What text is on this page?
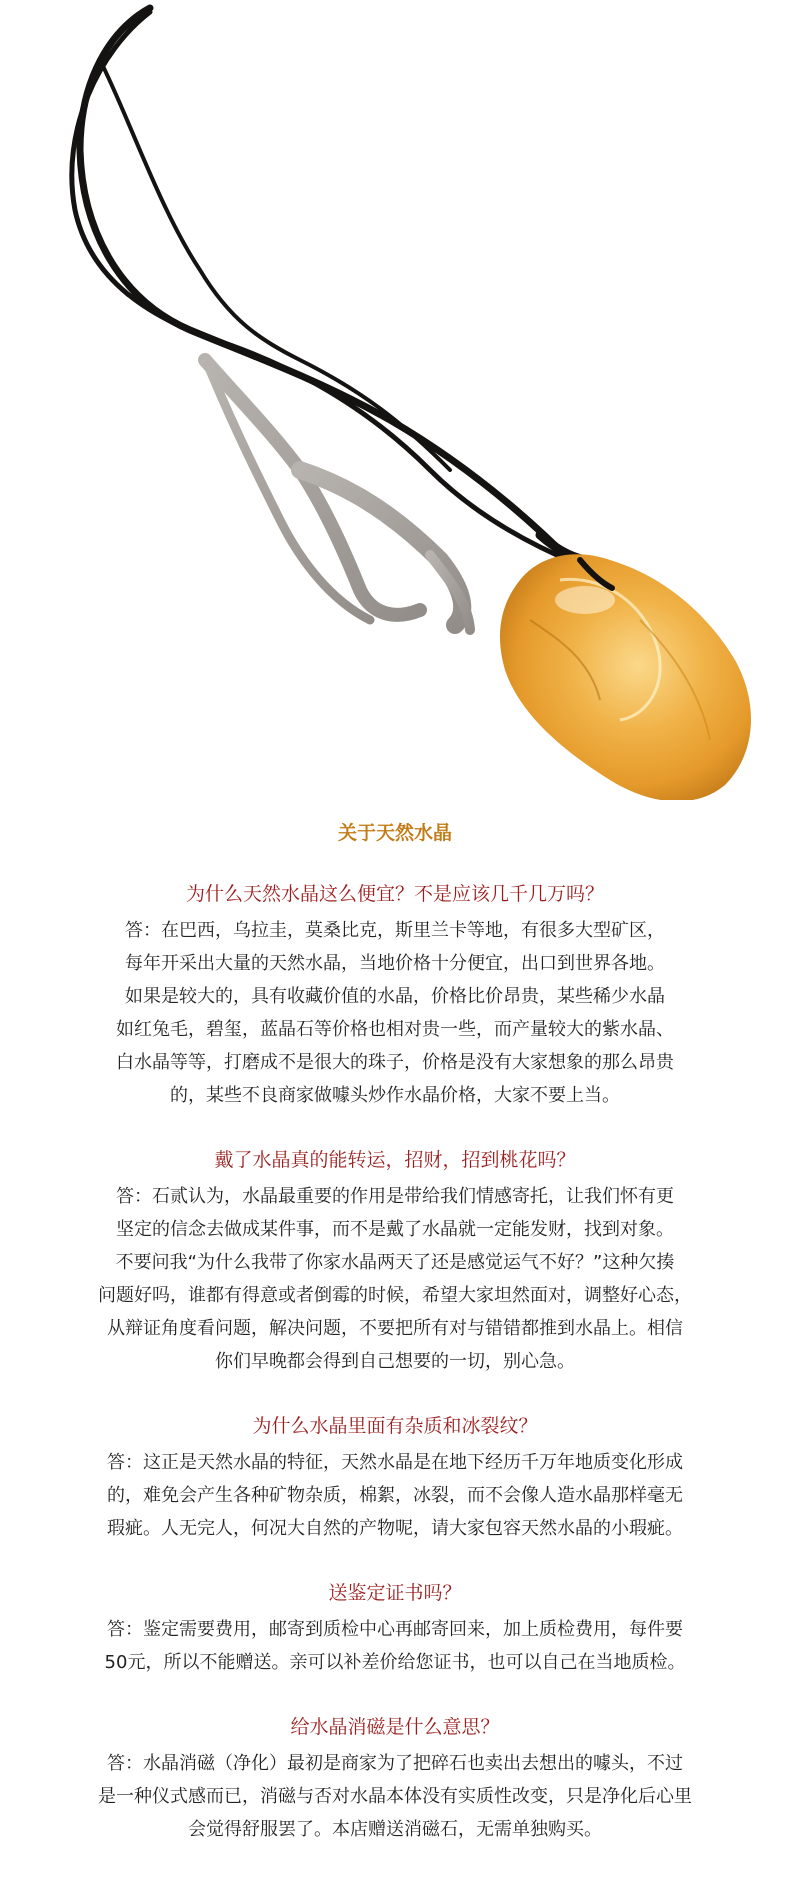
关于天然水晶

为什么天然水晶这么便宜？不是应该几千几万吗？

答：在巴西，乌拉圭，莫桑比克，斯里兰卡等地，有很多大型矿区，

每年开采出大量的天然水晶，当地价格十分便宜，出口到世界各地。

如果是较大的，具有收藏价值的水晶，价格比价昂贵，某些稀少水晶

如红兔毛，碧玺，蓝晶石等价格也相对贵一些，而产量较大的紫水晶、

白水晶等等，打磨成不是很大的珠子，价格是没有大家想象的那么昂贵

的，某些不良商家做噱头炒作水晶价格，大家不要上当。

戴了水晶真的能转运，招财，招到桃花吗？

答：石贰认为，水晶最重要的作用是带给我们情感寄托，让我们怀有更

坚定的信念去做成某件事，而不是戴了水晶就一定能发财，找到对象。

不要问我“为什么我带了你家水晶两天了还是感觉运气不好？”这种欠揍

问题好吗，谁都有得意或者倒霉的时候，希望大家坦然面对，调整好心态，

从辩证角度看问题，解决问题，不要把所有对与错错都推到水晶上。相信

你们早晚都会得到自己想要的一切，别心急。

为什么水晶里面有杂质和冰裂纹？

答：这正是天然水晶的特征，天然水晶是在地下经历千万年地质变化形成

的，难免会产生各种矿物杂质，棉絮，冰裂，而不会像人造水晶那样毫无

瑕疵。人无完人，何况大自然的产物呢，请大家包容天然水晶的小瑕疵。

送鉴定证书吗？

答：鉴定需要费用，邮寄到质检中心再邮寄回来，加上质检费用，每件要

50元，所以不能赠送。亲可以补差价给您证书，也可以自己在当地质检。

给水晶消磁是什么意思？

答：水晶消磁（净化）最初是商家为了把碎石也卖出去想出的噱头，不过

是一种仪式感而已，消磁与否对水晶本体没有实质性改变，只是净化后心里

会觉得舒服罢了。本店赠送消磁石，无需单独购买。
